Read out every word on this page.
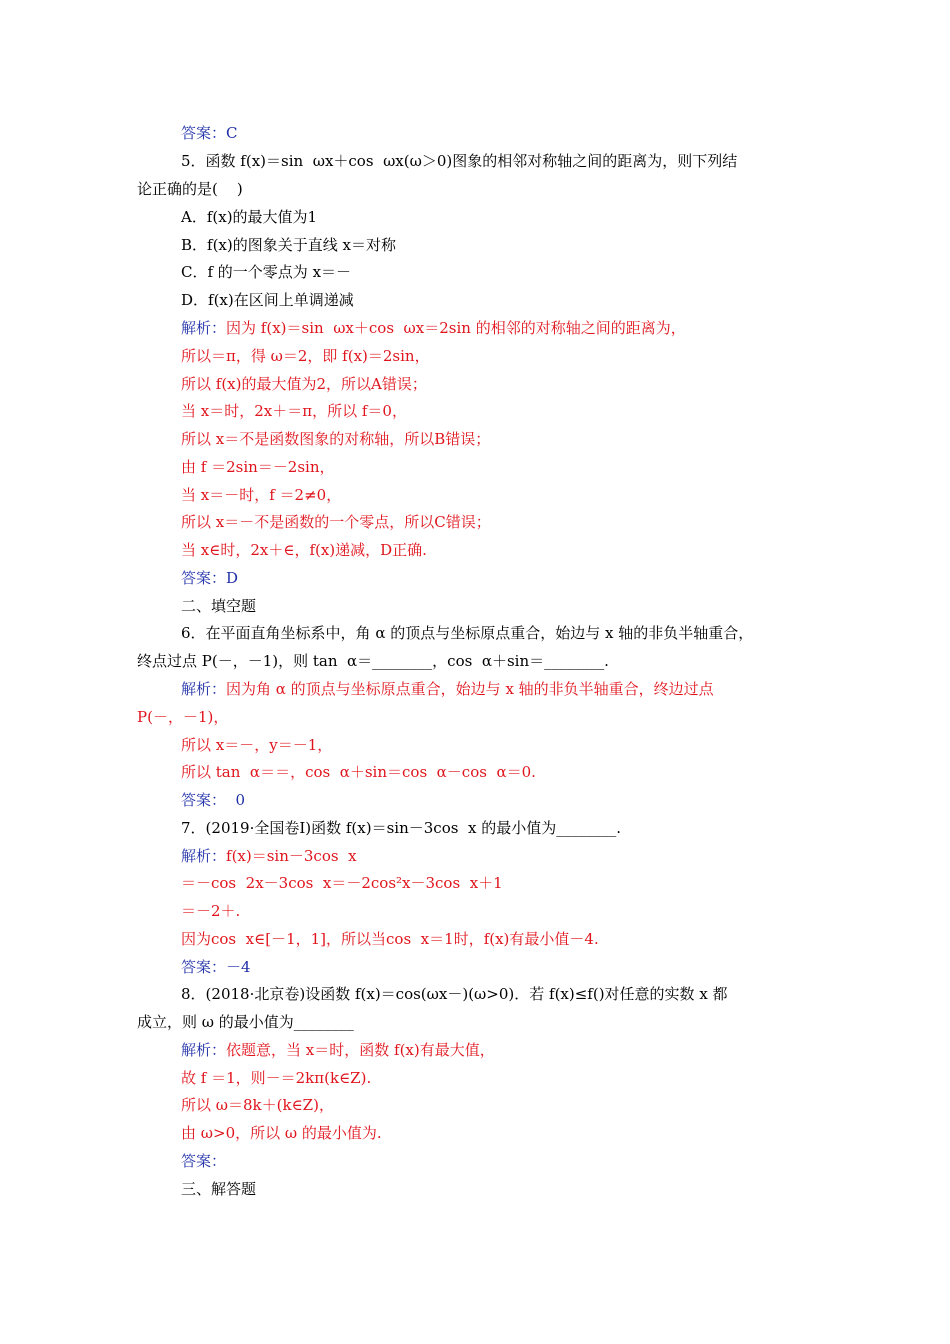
答案：C
5．函数 f(x)＝sin  ωx＋cos  ωx(ω＞0)图象的相邻对称轴之间的距离为，则下列结
论正确的是(    )
A．f(x)的最大值为1
B．f(x)的图象关于直线 x＝对称
C．f 的一个零点为 x＝－
D．f(x)在区间上单调递减
解析：因为 f(x)＝sin  ωx＋cos  ωx＝2sin 的相邻的对称轴之间的距离为，
所以＝π，得 ω＝2，即 f(x)＝2sin，
所以 f(x)的最大值为2，所以A错误；
当 x＝时，2x＋＝π，所以 f＝0，
所以 x＝不是函数图象的对称轴，所以B错误；
由 f ＝2sin＝－2sin，
当 x＝－时，f ＝2≠0，
所以 x＝－不是函数的一个零点，所以C错误；
当 x∈时，2x＋∈，f(x)递减，D正确.
答案：D
二、填空题
6．在平面直角坐标系中，角 α 的顶点与坐标原点重合，始边与 x 轴的非负半轴重合，
终点过点 P(－，－1)，则 tan  α＝________，cos  α＋sin＝________.
解析：因为角 α 的顶点与坐标原点重合，始边与 x 轴的非负半轴重合，终边过点
P(－，－1)，
所以 x＝－，y＝－1，
所以 tan  α＝＝，cos  α＋sin＝cos  α－cos  α＝0.
答案：  0
7．(2019·全国卷Ⅰ)函数 f(x)＝sin－3cos  x 的最小值为________.
解析：f(x)＝sin－3cos  x
＝－cos  2x－3cos  x＝－2cos²x－3cos  x＋1
＝－2＋.
因为cos  x∈[－1，1]，所以当cos  x＝1时，f(x)有最小值－4.
答案：－4
8．(2018·北京卷)设函数 f(x)＝cos(ωx－)(ω>0)．若 f(x)≤f()对任意的实数 x 都
成立，则 ω 的最小值为________
解析：依题意，当 x＝时，函数 f(x)有最大值，
故 f ＝1，则－＝2kπ(k∈Z).
所以 ω＝8k＋(k∈Z)，
由 ω>0，所以 ω 的最小值为.
答案：
三、解答题
